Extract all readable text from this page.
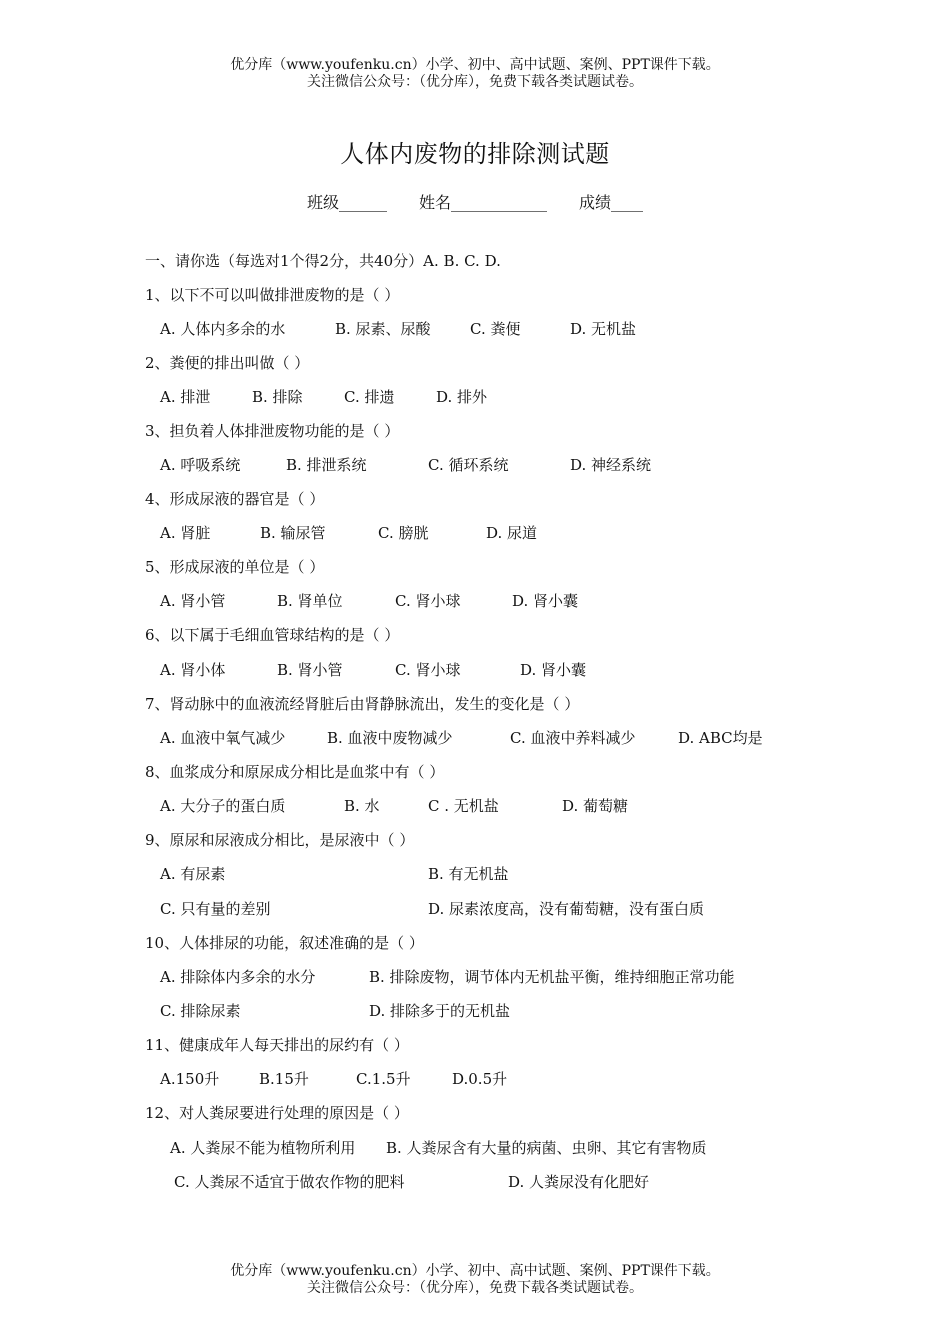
优分库（www.youfenku.cn）小学、初中、高中试题、案例、PPT课件下载。
关注微信公众号：（优分库），免费下载各类试题试卷。
人体内废物的排除测试题
班级______ 姓名____________ 成绩____
一、请你选（每选对1个得2分，共40分）A. B. C. D.
1、以下不可以叫做排泄废物的是（ ）
A. 人体内多余的水	B. 尿素、尿酸	C. 粪便	D. 无机盐
2、粪便的排出叫做（ ）
A. 排泄	B. 排除	C. 排遗	D. 排外
3、担负着人体排泄废物功能的是（ ）
A. 呼吸系统	B. 排泄系统	C. 循环系统	D. 神经系统
4、形成尿液的器官是（ ）
A. 肾脏	B. 输尿管	C. 膀胱	D. 尿道
5、形成尿液的单位是（ ）
A. 肾小管	B. 肾单位	C. 肾小球	D. 肾小囊
6、以下属于毛细血管球结构的是（ ）
A. 肾小体	B. 肾小管	C. 肾小球	D. 肾小囊
7、肾动脉中的血液流经肾脏后由肾静脉流出，发生的变化是（ ）
A. 血液中氧气减少	B. 血液中废物减少	C. 血液中养料减少	D. ABC均是
8、血浆成分和原尿成分相比是血浆中有（ ）
A. 大分子的蛋白质	B. 水	C . 无机盐	D. 葡萄糖
9、原尿和尿液成分相比，是尿液中（ ）
A. 有尿素	B. 有无机盐
C. 只有量的差别	D. 尿素浓度高，没有葡萄糖，没有蛋白质
10、人体排尿的功能，叙述准确的是（ ）
A. 排除体内多余的水分	B. 排除废物，调节体内无机盐平衡，维持细胞正常功能
C. 排除尿素	D. 排除多于的无机盐
11、健康成年人每天排出的尿约有（ ）
A.150升	B.15升	C.1.5升	D.0.5升
12、对人粪尿要进行处理的原因是（ ）
A. 人粪尿不能为植物所利用	B. 人粪尿含有大量的病菌、虫卵、其它有害物质
C. 人粪尿不适宜于做农作物的肥料	D. 人粪尿没有化肥好
优分库（www.youfenku.cn）小学、初中、高中试题、案例、PPT课件下载。
关注微信公众号：（优分库），免费下载各类试题试卷。
